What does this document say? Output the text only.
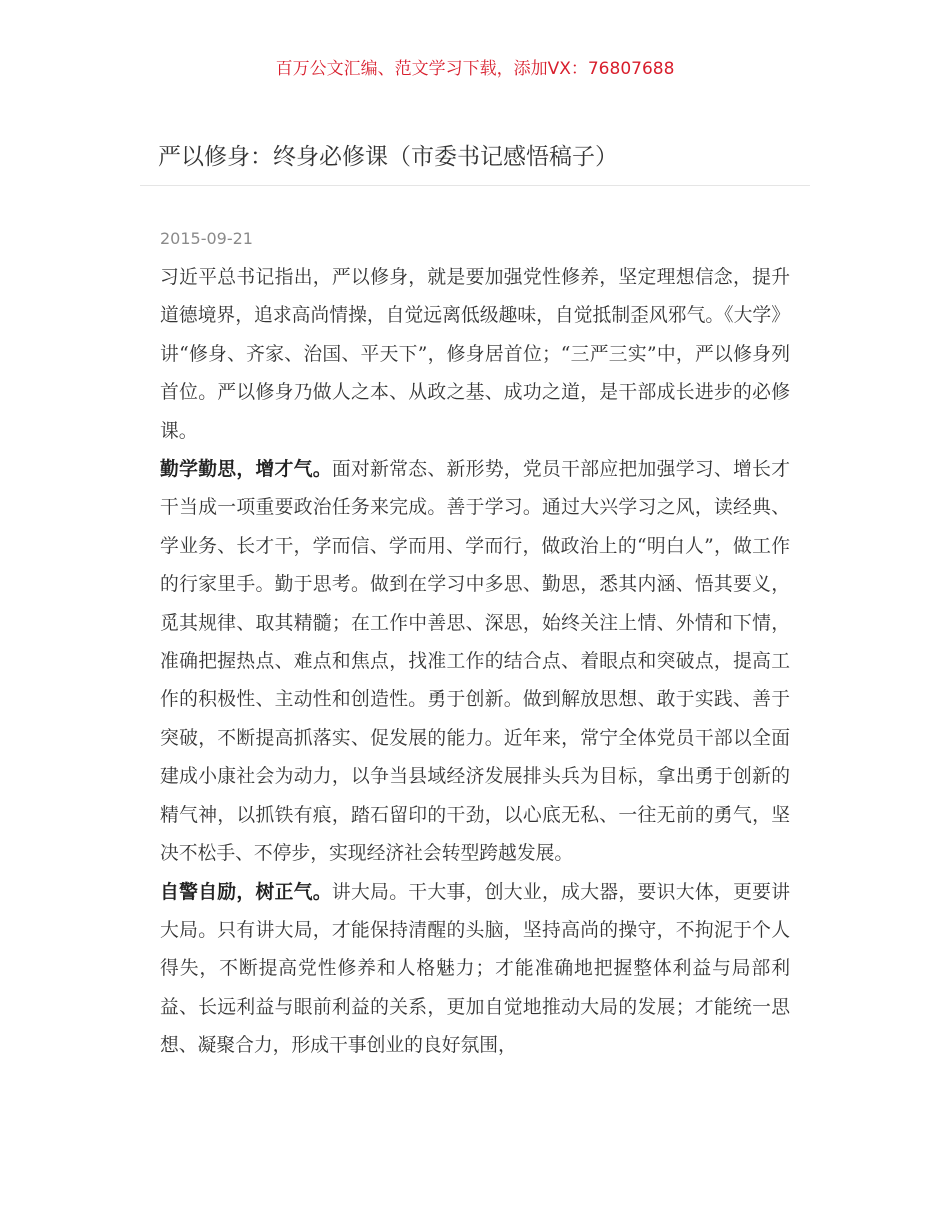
百万公文汇编、范文学习下载，添加VX：76807688
严以修身：终身必修课（市委书记感悟稿子）
2015-09-21

习近平总书记指出，严以修身，就是要加强党性修养，坚定理想信念，提升道德境界，追求高尚情操，自觉远离低级趣味，自觉抵制歪风邪气。《大学》讲“修身、齐家、治国、平天下”，修身居首位；“三严三实”中，严以修身列首位。严以修身乃做人之本、从政之基、成功之道，是干部成长进步的必修课。

勤学勤思，增才气。面对新常态、新形势，党员干部应把加强学习、增长才干当成一项重要政治任务来完成。善于学习。通过大兴学习之风，读经典、学业务、长才干，学而信、学而用、学而行，做政治上的“明白人”，做工作的行家里手。勤于思考。做到在学习中多思、勤思，悉其内涵、悟其要义，觅其规律、取其精髓；在工作中善思、深思，始终关注上情、外情和下情，准确把握热点、难点和焦点，找准工作的结合点、着眼点和突破点，提高工作的积极性、主动性和创造性。勇于创新。做到解放思想、敢于实践、善于突破，不断提高抓落实、促发展的能力。近年来，常宁全体党员干部以全面建成小康社会为动力，以争当县域经济发展排头兵为目标，拿出勇于创新的精气神，以抓铁有痕，踏石留印的干劲，以心底无私、一往无前的勇气，坚决不松手、不停步，实现经济社会转型跨越发展。

自警自励，树正气。讲大局。干大事，创大业，成大器，要识大体，更要讲大局。只有讲大局，才能保持清醒的头脑，坚持高尚的操守，不拘泥于个人得失，不断提高党性修养和人格魅力；才能准确地把握整体利益与局部利益、长远利益与眼前利益的关系，更加自觉地推动大局的发展；才能统一思想、凝聚合力，形成干事创业的良好氛围，
